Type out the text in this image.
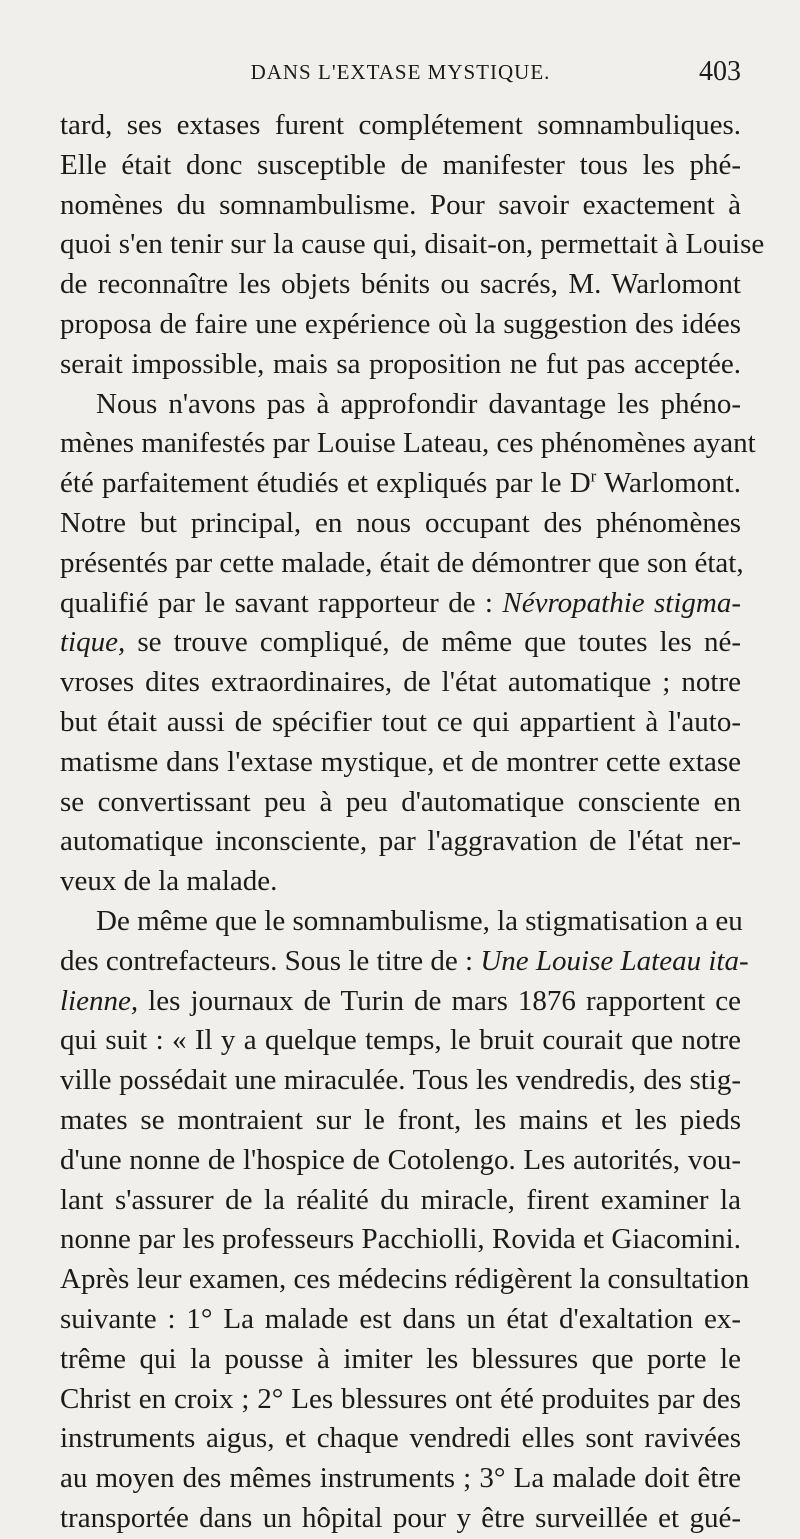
DANS L'EXTASE MYSTIQUE.	403
tard, ses extases furent complétement somnambuliques.
Elle était donc susceptible de manifester tous les phé-
nomènes du somnambulisme. Pour savoir exactement à
quoi s'en tenir sur la cause qui, disait-on, permettait à Louise
de reconnaître les objets bénits ou sacrés, M. Warlomont
proposa de faire une expérience où la suggestion des idées
serait impossible, mais sa proposition ne fut pas acceptée.
Nous n'avons pas à approfondir davantage les phéno-
mènes manifestés par Louise Lateau, ces phénomènes ayant
été parfaitement étudiés et expliqués par le $D^r$ Warlomont.
Notre but principal, en nous occupant des phénomènes
présentés par cette malade, était de démontrer que son état,
qualifié par le savant rapporteur de : Névropathie stigma-
tique, se trouve compliqué, de même que toutes les né-
vroses dites extraordinaires, de l'état automatique ; notre
but était aussi de spécifier tout ce qui appartient à l'auto-
matisme dans l'extase mystique, et de montrer cette extase
se convertissant peu à peu d'automatique consciente en
automatique inconsciente, par l'aggravation de l'état ner-
veux de la malade.
De même que le somnambulisme, la stigmatisation a eu
des contrefacteurs. Sous le titre de : Une Louise Lateau ita-
lienne, les journaux de Turin de mars 1876 rapportent ce
qui suit : « Il y a quelque temps, le bruit courait que notre
ville possédait une miraculée. Tous les vendredis, des stig-
mates se montraient sur le front, les mains et les pieds
d'une nonne de l'hospice de Cotolengo. Les autorités, vou-
lant s'assurer de la réalité du miracle, firent examiner la
nonne par les professeurs Pacchiolli, Rovida et Giacomini.
Après leur examen, ces médecins rédigèrent la consultation
suivante : 1° La malade est dans un état d'exaltation ex-
trême qui la pousse à imiter les blessures que porte le
Christ en croix ; 2° Les blessures ont été produites par des
instruments aigus, et chaque vendredi elles sont ravivées
au moyen des mêmes instruments ; 3° La malade doit être
transportée dans un hôpital pour y être surveillée et gué-
